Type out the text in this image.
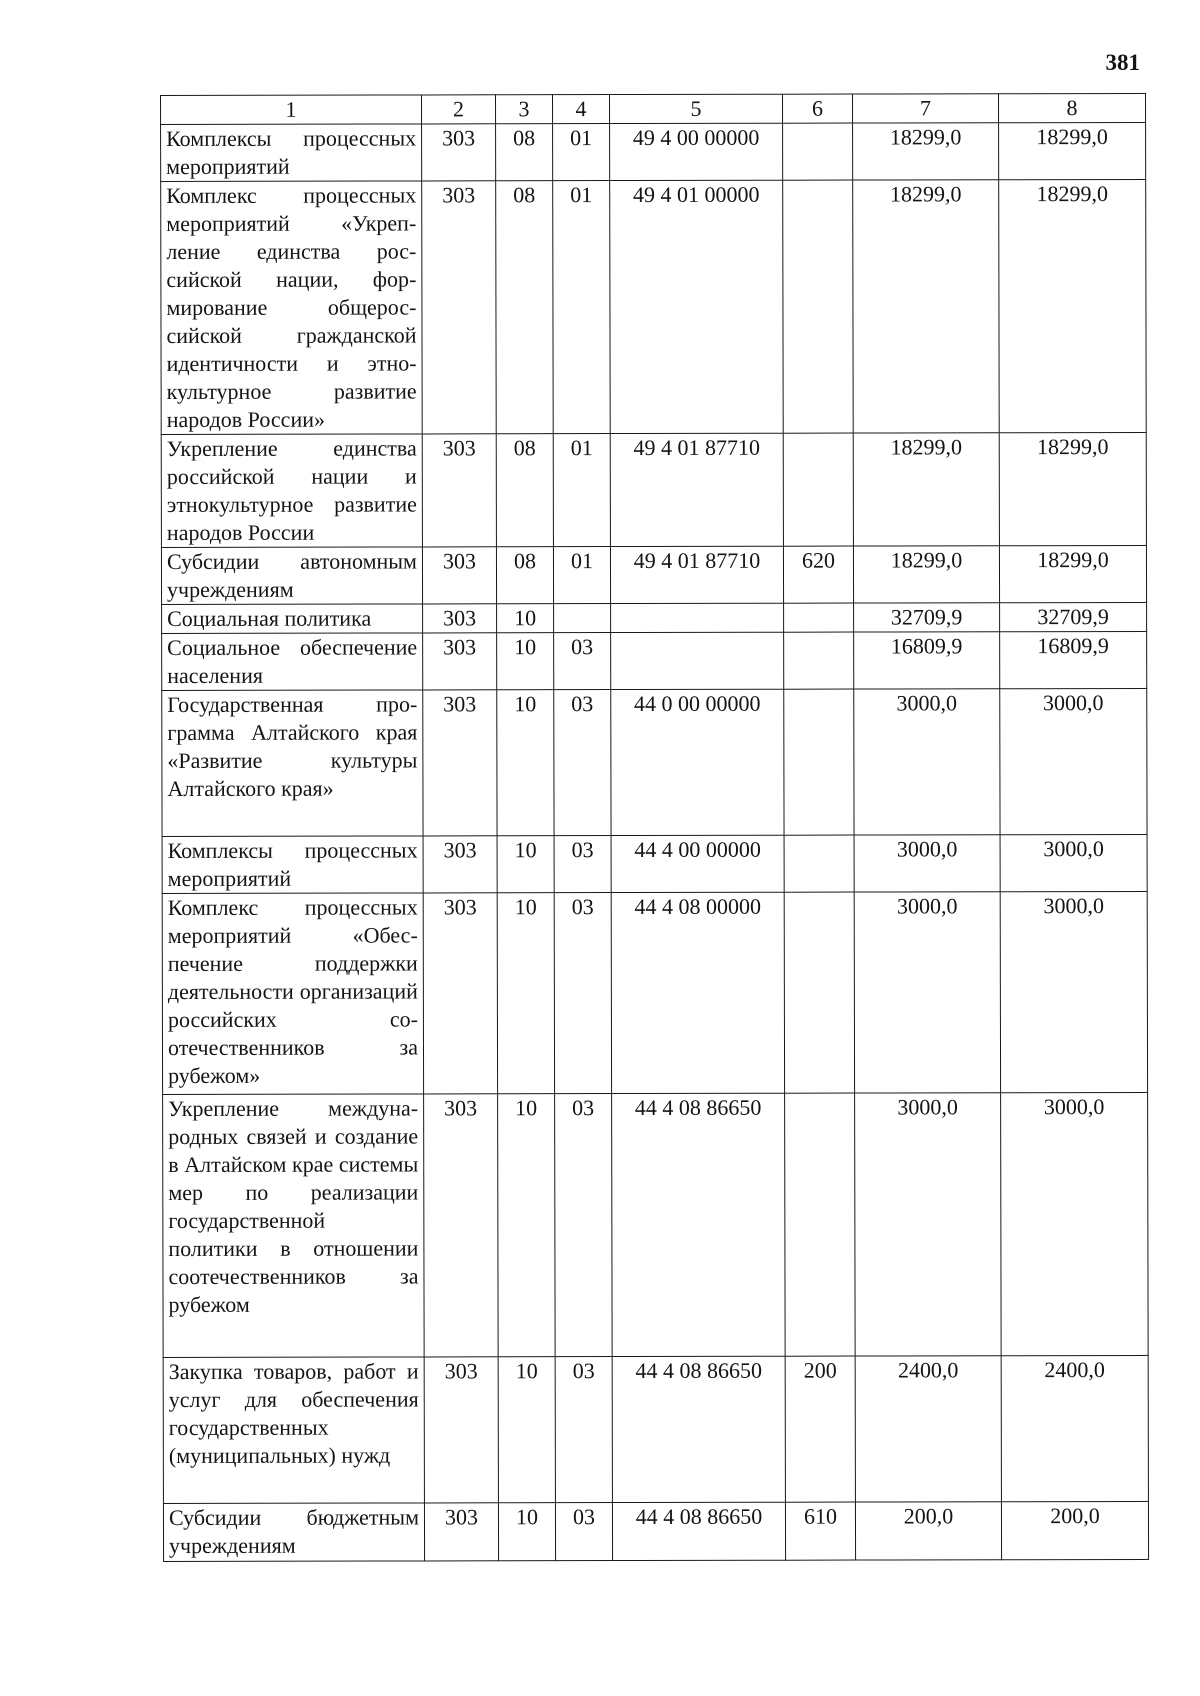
381
1	2	3	4	5	6	7	8
Комплексы процессных мероприятий	303	08	01	49 4 00 00000		18299,0	18299,0
Комплекс процессных мероприятий «Укрепление единства российской нации, формирование общероссийской гражданской идентичности и этнокультурное развитие народов России»	303	08	01	49 4 01 00000		18299,0	18299,0
Укрепление единства российской нации и этнокультурное развитие народов России	303	08	01	49 4 01 87710		18299,0	18299,0
Субсидии автономным учреждениям	303	08	01	49 4 01 87710	620	18299,0	18299,0
Социальная политика	303	10				32709,9	32709,9
Социальное обеспечение населения	303	10	03			16809,9	16809,9
Государственная программа Алтайского края «Развитие культуры Алтайского края»	303	10	03	44 0 00 00000		3000,0	3000,0
Комплексы процессных мероприятий	303	10	03	44 4 00 00000		3000,0	3000,0
Комплекс процессных мероприятий «Обеспечение поддержки деятельности организаций российских соотечественников за рубежом»	303	10	03	44 4 08 00000		3000,0	3000,0
Укрепление международных связей и создание в Алтайском крае системы мер по реализации государственной политики в отношении соотечественников за рубежом	303	10	03	44 4 08 86650		3000,0	3000,0
Закупка товаров, работ и услуг для обеспечения государственных (муниципальных) нужд	303	10	03	44 4 08 86650	200	2400,0	2400,0
Субсидии бюджетным учреждениям	303	10	03	44 4 08 86650	610	200,0	200,0
